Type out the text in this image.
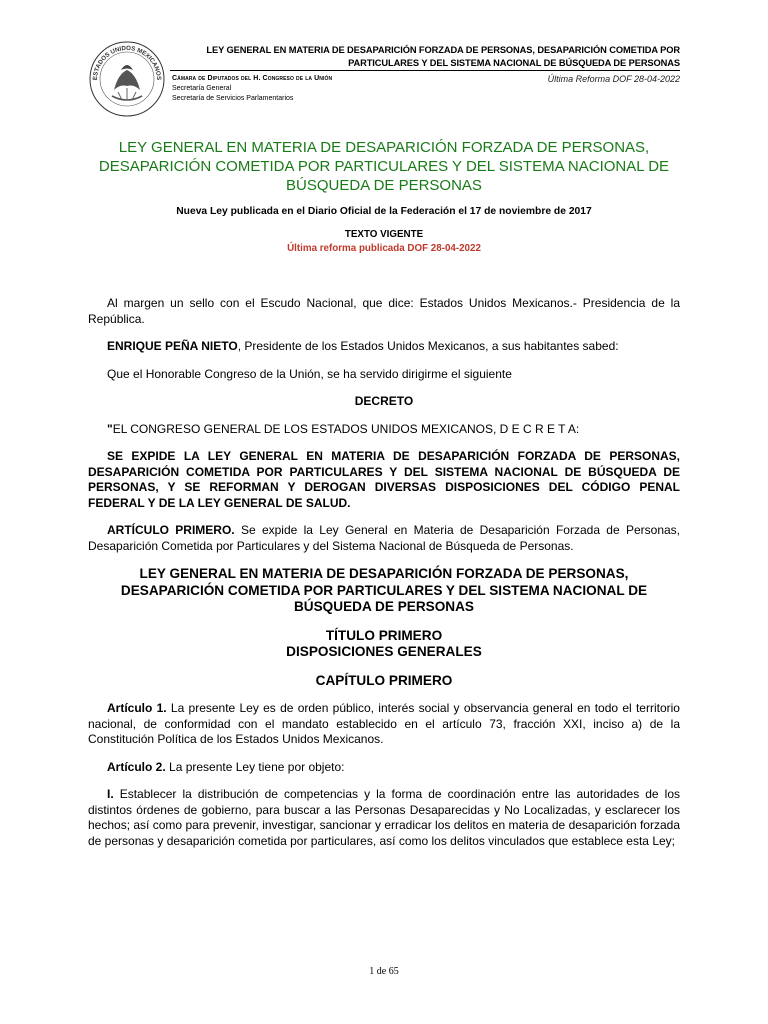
ESTADOS UNIDOS MEXICANOS
LEY GENERAL EN MATERIA DE DESAPARICIÓN FORZADA DE PERSONAS, DESAPARICIÓN COMETIDA POR
PARTICULARES Y DEL SISTEMA NACIONAL DE BÚSQUEDA DE PERSONAS
Cámara de Diputados del H. Congreso de la Unión
Secretaría General
Secretaría de Servicios Parlamentarios
Última Reforma DOF 28-04-2022
LEY GENERAL EN MATERIA DE DESAPARICIÓN FORZADA DE PERSONAS,
DESAPARICIÓN COMETIDA POR PARTICULARES Y DEL SISTEMA NACIONAL DE
BÚSQUEDA DE PERSONAS
Nueva Ley publicada en el Diario Oficial de la Federación el 17 de noviembre de 2017
TEXTO VIGENTE
Última reforma publicada DOF 28-04-2022

Al margen un sello con el Escudo Nacional, que dice: Estados Unidos Mexicanos.- Presidencia de la República.

ENRIQUE PEÑA NIETO, Presidente de los Estados Unidos Mexicanos, a sus habitantes sabed:

Que el Honorable Congreso de la Unión, se ha servido dirigirme el siguiente

DECRETO

"EL CONGRESO GENERAL DE LOS ESTADOS UNIDOS MEXICANOS, D E C R E T A:

SE EXPIDE LA LEY GENERAL EN MATERIA DE DESAPARICIÓN FORZADA DE PERSONAS, DESAPARICIÓN COMETIDA POR PARTICULARES Y DEL SISTEMA NACIONAL DE BÚSQUEDA DE PERSONAS, Y SE REFORMAN Y DEROGAN DIVERSAS DISPOSICIONES DEL CÓDIGO PENAL FEDERAL Y DE LA LEY GENERAL DE SALUD.

ARTÍCULO PRIMERO. Se expide la Ley General en Materia de Desaparición Forzada de Personas, Desaparición Cometida por Particulares y del Sistema Nacional de Búsqueda de Personas.

LEY GENERAL EN MATERIA DE DESAPARICIÓN FORZADA DE PERSONAS,
DESAPARICIÓN COMETIDA POR PARTICULARES Y DEL SISTEMA NACIONAL DE
BÚSQUEDA DE PERSONAS
TÍTULO PRIMERO
DISPOSICIONES GENERALES
CAPÍTULO PRIMERO

Artículo 1. La presente Ley es de orden público, interés social y observancia general en todo el territorio nacional, de conformidad con el mandato establecido en el artículo 73, fracción XXI, inciso a) de la Constitución Política de los Estados Unidos Mexicanos.

Artículo 2. La presente Ley tiene por objeto:

I. Establecer la distribución de competencias y la forma de coordinación entre las autoridades de los distintos órdenes de gobierno, para buscar a las Personas Desaparecidas y No Localizadas, y esclarecer los hechos; así como para prevenir, investigar, sancionar y erradicar los delitos en materia de desaparición forzada de personas y desaparición cometida por particulares, así como los delitos vinculados que establece esta Ley;

1 de 65
